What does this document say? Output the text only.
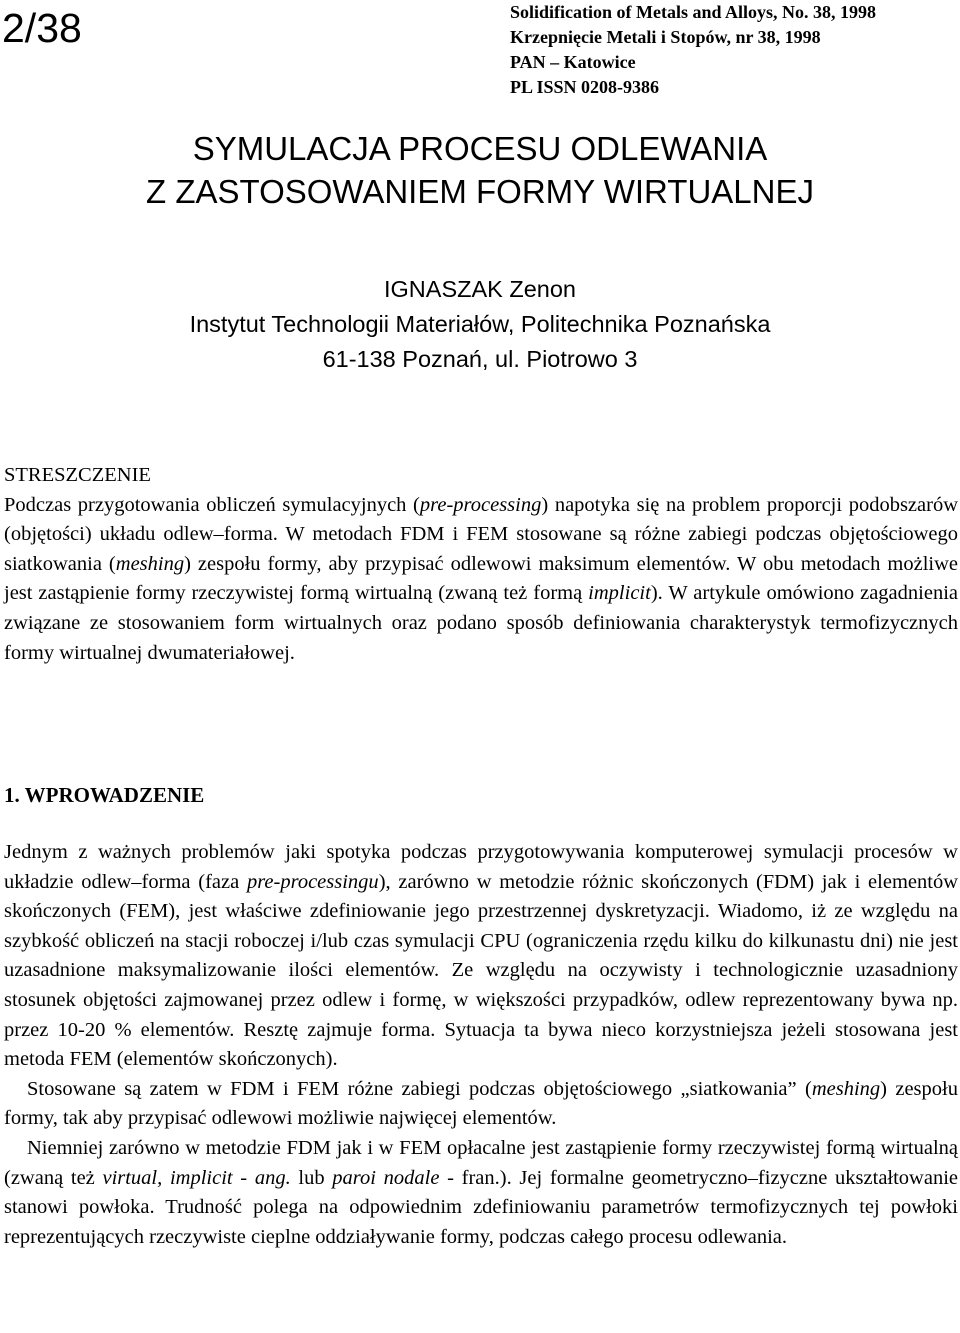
2/38	Solidification of Metals and Alloys, No. 38, 1998
Krzepnięcie Metali i Stopów, nr 38, 1998
PAN – Katowice
PL ISSN 0208-9386
SYMULACJA PROCESU ODLEWANIA
Z ZASTOSOWANIEM FORMY WIRTUALNEJ
IGNASZAK Zenon
Instytut Technologii Materiałów, Politechnika Poznańska
61-138 Poznań, ul. Piotrowo 3
STRESZCZENIE
Podczas przygotowania obliczeń symulacyjnych (pre-processing) napotyka się na problem proporcji podobszarów (objętości) układu odlew–forma. W metodach FDM i FEM stosowane są różne zabiegi podczas objętościowego siatkowania (meshing) zespołu formy, aby przypisać odlewowi maksimum elementów. W obu metodach możliwe jest zastąpienie formy rzeczywistej formą wirtualną (zwaną też formą implicit). W artykule omówiono zagadnienia związane ze stosowaniem form wirtualnych oraz podano sposób definiowania charakterystyk termofizycznych formy wirtualnej dwumateriałowej.
1. WPROWADZENIE

Jednym z ważnych problemów jaki spotyka podczas przygotowywania komputerowej symulacji procesów w układzie odlew–forma (faza pre-processingu), zarówno w metodzie różnic skończonych (FDM) jak i elementów skończonych (FEM), jest właściwe zdefiniowanie jego przestrzennej dyskretyzacji. Wiadomo, iż ze względu na szybkość obliczeń na stacji roboczej i/lub czas symulacji CPU (ograniczenia rzędu kilku do kilkunastu dni) nie jest uzasadnione maksymalizowanie ilości elementów. Ze względu na oczywisty i technologicznie uzasadniony stosunek objętości zajmowanej przez odlew i formę, w większości przypadków, odlew reprezentowany bywa np. przez 10-20 % elementów. Resztę zajmuje forma. Sytuacja ta bywa nieco korzystniejsza jeżeli stosowana jest metoda FEM (elementów skończonych).

Stosowane są zatem w FDM i FEM różne zabiegi podczas objętościowego „siatkowania” (meshing) zespołu formy, tak aby przypisać odlewowi możliwie najwięcej elementów.

Niemniej zarówno w metodzie FDM jak i w FEM opłacalne jest zastąpienie formy rzeczywistej formą wirtualną (zwaną też virtual, implicit - ang. lub paroi nodale - fran.). Jej formalne geometryczno–fizyczne ukształtowanie stanowi powłoka. Trudność polega na odpowiednim zdefiniowaniu parametrów termofizycznych tej powłoki reprezentujących rzeczywiste cieplne oddziaływanie formy, podczas całego procesu odlewania.
